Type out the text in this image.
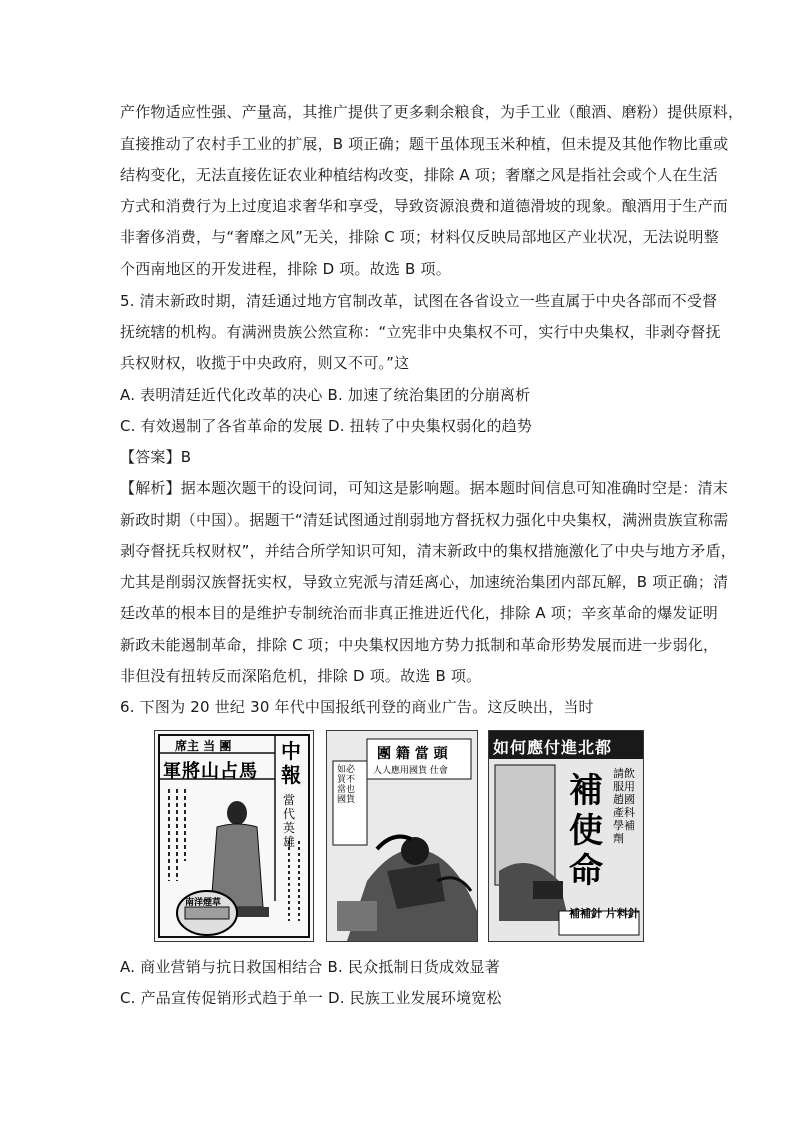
产作物适应性强、产量高，其推广提供了更多剩余粮食，为手工业（酿酒、磨粉）提供原料，
直接推动了农村手工业的扩展，B 项正确；题干虽体现玉米种植，但未提及其他作物比重或
结构变化，无法直接佐证农业种植结构改变，排除 A 项；奢靡之风是指社会或个人在生活
方式和消费行为上过度追求奢华和享受，导致资源浪费和道德滑坡的现象。酿酒用于生产而
非奢侈消费，与“奢靡之风”无关，排除 C 项；材料仅反映局部地区产业状况，无法说明整
个西南地区的开发进程，排除 D 项。故选 B 项。
5. 清末新政时期，清廷通过地方官制改革，试图在各省设立一些直属于中央各部而不受督
抚统辖的机构。有满洲贵族公然宣称：“立宪非中央集权不可，实行中央集权，非剥夺督抚
兵权财权，收揽于中央政府，则又不可。”这
A. 表明清廷近代化改革的决心 B. 加速了统治集团的分崩离析
C. 有效遏制了各省革命的发展 D. 扭转了中央集权弱化的趋势
【答案】B
【解析】据本题次题干的设问词，可知这是影响题。据本题时间信息可知准确时空是：清末
新政时期（中国）。据题干“清廷试图通过削弱地方督抚权力强化中央集权，满洲贵族宣称需
剥夺督抚兵权财权”，并结合所学知识可知，清末新政中的集权措施激化了中央与地方矛盾，
尤其是削弱汉族督抚实权，导致立宪派与清廷离心，加速统治集团内部瓦解，B 项正确；清
廷改革的根本目的是维护专制统治而非真正推进近代化，排除 A 项；辛亥革命的爆发证明
新政未能遏制革命，排除 C 项；中央集权因地方势力抵制和革命形势发展而进一步弱化，
非但没有扭转反而深陷危机，排除 D 项。故选 B 项。
6. 下图为 20 世纪 30 年代中国报纸刊登的商业广告。这反映出，当时
席主 当 團
軍將山占馬
中報
當代英雄
南洋煙草
團 籍 當 頭
人人應用國貨 仕會
如必買不當也國貨
如何應付進北都
補使命
請飲服用趙國產科學補劑
補補針 片料針
A. 商业营销与抗日救国相结合 B. 民众抵制日货成效显著
C. 产品宣传促销形式趋于单一 D. 民族工业发展环境宽松
